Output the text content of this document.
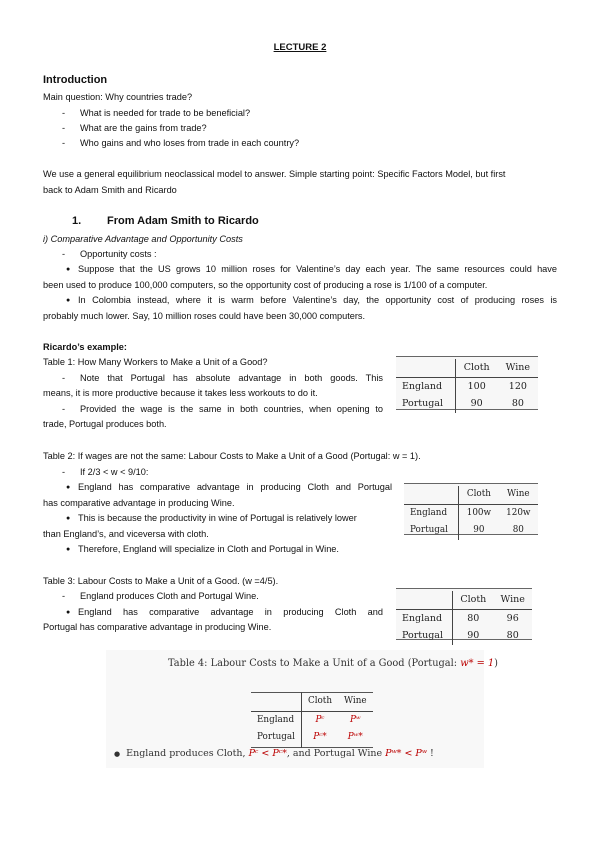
LECTURE 2
Introduction
Main question: Why countries trade?
- What is needed for trade to be beneficial?
- What are the gains from trade?
- Who gains and who loses from trade in each country?
We use a general equilibrium neoclassical model to answer. Simple starting point: Specific Factors Model, but first
back to Adam Smith and Ricardo
1. From Adam Smith to Ricardo
i) Comparative Advantage and Opportunity Costs
- Opportunity costs :
● Suppose that the US grows 10 million roses for Valentine’s day each year. The same resources could have
been used to produce 100,000 computers, so the opportunity cost of producing a rose is 1/100 of a computer.
● In Colombia instead, where it is warm before Valentine’s day, the opportunity cost of producing roses is
probably much lower. Say, 10 million roses could have been 30,000 computers.
Ricardo’s example:
Table 1: How Many Workers to Make a Unit of a Good?
- Note that Portugal has absolute advantage in both goods. This
means, it is more productive because it takes less workouts to do it.
- Provided the wage is the same in both countries, when opening to
trade, Portugal produces both.
	Cloth	Wine
England	100	120
Portugal	90	80
Table 2: If wages are not the same: Labour Costs to Make a Unit of a Good (Portugal: w = 1).
- If 2/3 < w < 9/10:
● England has comparative advantage in producing Cloth and Portugal
has comparative advantage in producing Wine.
● This is because the productivity in wine of Portugal is relatively lower
than England’s, and viceversa with cloth.
● Therefore, England will specialize in Cloth and Portugal in Wine.
	Cloth	Wine
England	100w	120w
Portugal	90	80
Table 3: Labour Costs to Make a Unit of a Good. (w =4/5).
- England produces Cloth and Portugal Wine.
● England has comparative advantage in producing Cloth and
Portugal has comparative advantage in producing Wine.
	Cloth	Wine
England	80	96
Portugal	90	80
Table 4: Labour Costs to Make a Unit of a Good (Portugal: w* = 1)
	Cloth	Wine
England	Pᶜ	Pʷ
Portugal	Pᶜ*	Pʷ*
● England produces Cloth, Pᶜ < Pᶜ*, and Portugal Wine Pʷ* < Pʷ !
